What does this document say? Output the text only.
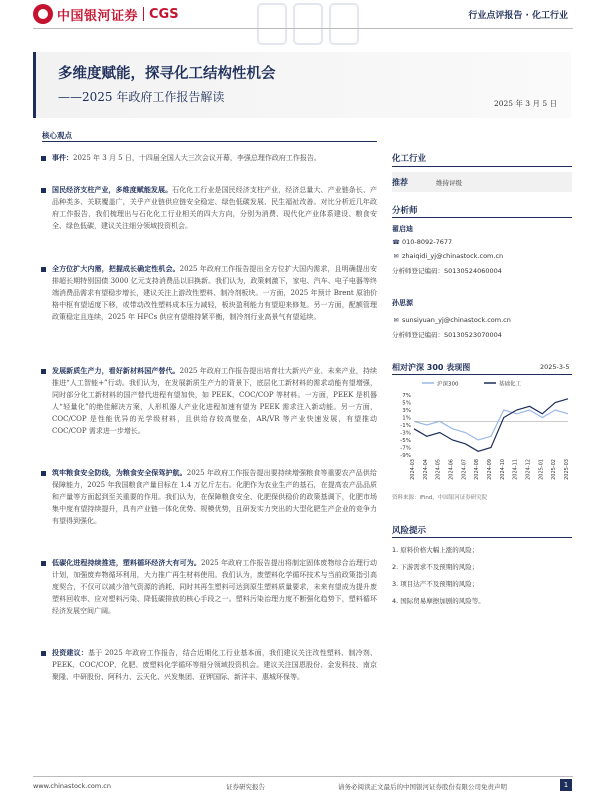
中国银河证券 CGS	行业点评报告 · 化工行业
多维度赋能，探寻化工结构性机会
——2025 年政府工作报告解读	2025 年 3 月 5 日
核心观点
事件：2025 年 3 月 5 日，十四届全国人大三次会议开幕，李强总理作政府工作报告。
国民经济支柱产业，多维度赋能发展。石化化工行业是国民经济支柱产业，经济总量大、产业链条长、产品种类多、关联覆盖广，关乎产业链供应链安全稳定、绿色低碳发展、民生福祉改善。对比分析近几年政府工作报告，我们梳理出与石化化工行业相关的四大方向，分别为消费、现代化产业体系建设、粮食安全、绿色低碳，建议关注细分领域投资机会。
全方位扩大内需，把握成长确定性机会。2025 年政府工作报告提出全方位扩大国内需求，且明确提出安排超长期特别国债 3000 亿元支持消费品以旧换新。我们认为，政策刺激下，家电、汽车、电子电器等终端消费品需求有望稳步增长，建议关注上游改性塑料、制冷剂板块。一方面，2025 年预计 Brent 原油价格中枢有望适度下移，或带动改性塑料成本压力减轻，板块盈利能力有望迎来修复。另一方面，配额管理政策稳定且连续，2025 年 HFCs 供应有望维持紧平衡，制冷剂行业高景气有望延续。
发展新质生产力，看好新材料国产替代。2025 年政府工作报告提出培育壮大新兴产业、未来产业，持续推进“人工智能+”行动。我们认为，在发展新质生产力的背景下，底层化工新材料的需求动能有望增强，同时部分化工新材料的国产替代进程有望加快，如 PEEK、COC/COP 等材料。一方面，PEEK 是机器人“轻量化”的绝佳解决方案，人形机器人产业化进程加速有望为 PEEK 需求注入新动能。另一方面，COC/COP 是性能优异的光学级材料，且供给存较高壁垒，AR/VR 等产业快速发展，有望推动 COC/COP 需求进一步增长。
筑牢粮食安全防线，为粮食安全保驾护航。2025 年政府工作报告提出要持续增强粮食等重要农产品供给保障能力，2025 年我国粮食产量目标在 1.4 万亿斤左右。化肥作为农业生产的基石，在提高农产品品质和产量等方面起到至关重要的作用。我们认为，在保障粮食安全、化肥保供稳价的政策基调下，化肥市场集中度有望持续提升，具有产业链一体化优势、规模优势，且研发实力突出的大型化肥生产企业的竞争力有望得到强化。
低碳化进程持续推进，塑料循环经济大有可为。2025 年政府工作报告提出将制定固体废物综合治理行动计划，加强废弃物循环利用，大力推广再生材料使用。我们认为，废塑料化学循环技术与当前政策指引高度契合，不仅可以减少油气资源的消耗，同时其再生塑料可达到原生塑料质量要求，未来有望成为提升废塑料回收率、应对塑料污染、降低碳排放的核心手段之一。塑料污染治理力度不断强化趋势下，塑料循环经济发展空间广阔。
投资建议：基于 2025 年政府工作报告，结合近期化工行业基本面，我们建议关注改性塑料、制冷剂、PEEK、COC/COP、化肥、废塑料化学循环等细分领域投资机会。建议关注国恩股份、金发科技、南京聚隆、中研股份、阿科力、云天化、兴发集团、亚钾国际、新洋丰、惠城环保等。
化工行业
推荐	维持评级
分析师
翟启迪
☎ 010-8092-7677
✉ zhaiqidi_yj@chinastock.com.cn
分析师登记编码：S0130524060004
孙思源
✉ sunsiyuan_yj@chinastock.com.cn
分析师登记编码：S0130523070004
相对沪深 300 表现图	2025-3-5
沪深300	基础化工
7%
5%
3%
1%
-1%
-3%
-5%
-7%
-9%
2024-03 2024-04 2024-05 2024-06 2024-07 2024-08 2024-09 2024-10 2024-11 2024-12 2025-01 2025-02 2025-03
资料来源：iFind，中国银河证券研究院
风险提示
1. 原料价格大幅上涨的风险；
2. 下游需求不及预期的风险；
3. 项目达产不及预期的风险；
4. 国际贸易摩擦加剧的风险等。
www.chinastock.com.cn	证券研究报告	请务必阅读正文最后的中国银河证券股份有限公司免责声明	1
